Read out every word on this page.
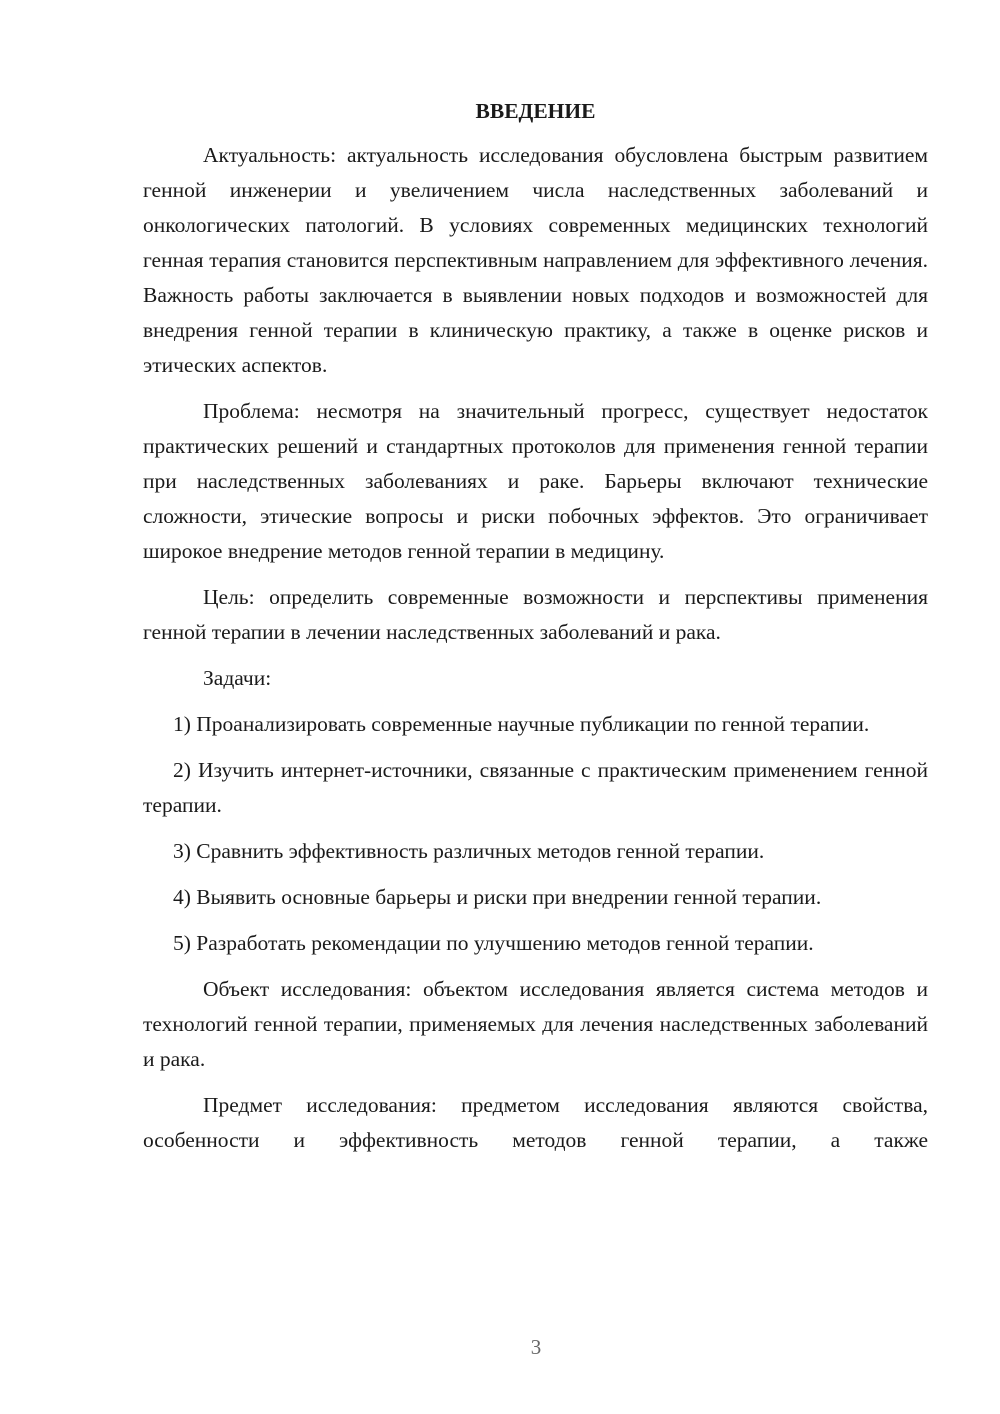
ВВЕДЕНИЕ

Актуальность: актуальность исследования обусловлена быстрым развитием генной инженерии и увеличением числа наследственных заболеваний и онкологических патологий. В условиях современных медицинских технологий генная терапия становится перспективным направлением для эффективного лечения. Важность работы заключается в выявлении новых подходов и возможностей для внедрения генной терапии в клиническую практику, а также в оценке рисков и этических аспектов.

Проблема: несмотря на значительный прогресс, существует недостаток практических решений и стандартных протоколов для применения генной терапии при наследственных заболеваниях и раке. Барьеры включают технические сложности, этические вопросы и риски побочных эффектов. Это ограничивает широкое внедрение методов генной терапии в медицину.

Цель: определить современные возможности и перспективы применения генной терапии в лечении наследственных заболеваний и рака.

Задачи:

1) Проанализировать современные научные публикации по генной терапии.

2) Изучить интернет-источники, связанные с практическим применением генной терапии.

3) Сравнить эффективность различных методов генной терапии.

4) Выявить основные барьеры и риски при внедрении генной терапии.

5) Разработать рекомендации по улучшению методов генной терапии.

Объект исследования: объектом исследования является система методов и технологий генной терапии, применяемых для лечения наследственных заболеваний и рака.

Предмет исследования: предметом исследования являются свойства, особенности и эффективность методов генной терапии, а также

3
